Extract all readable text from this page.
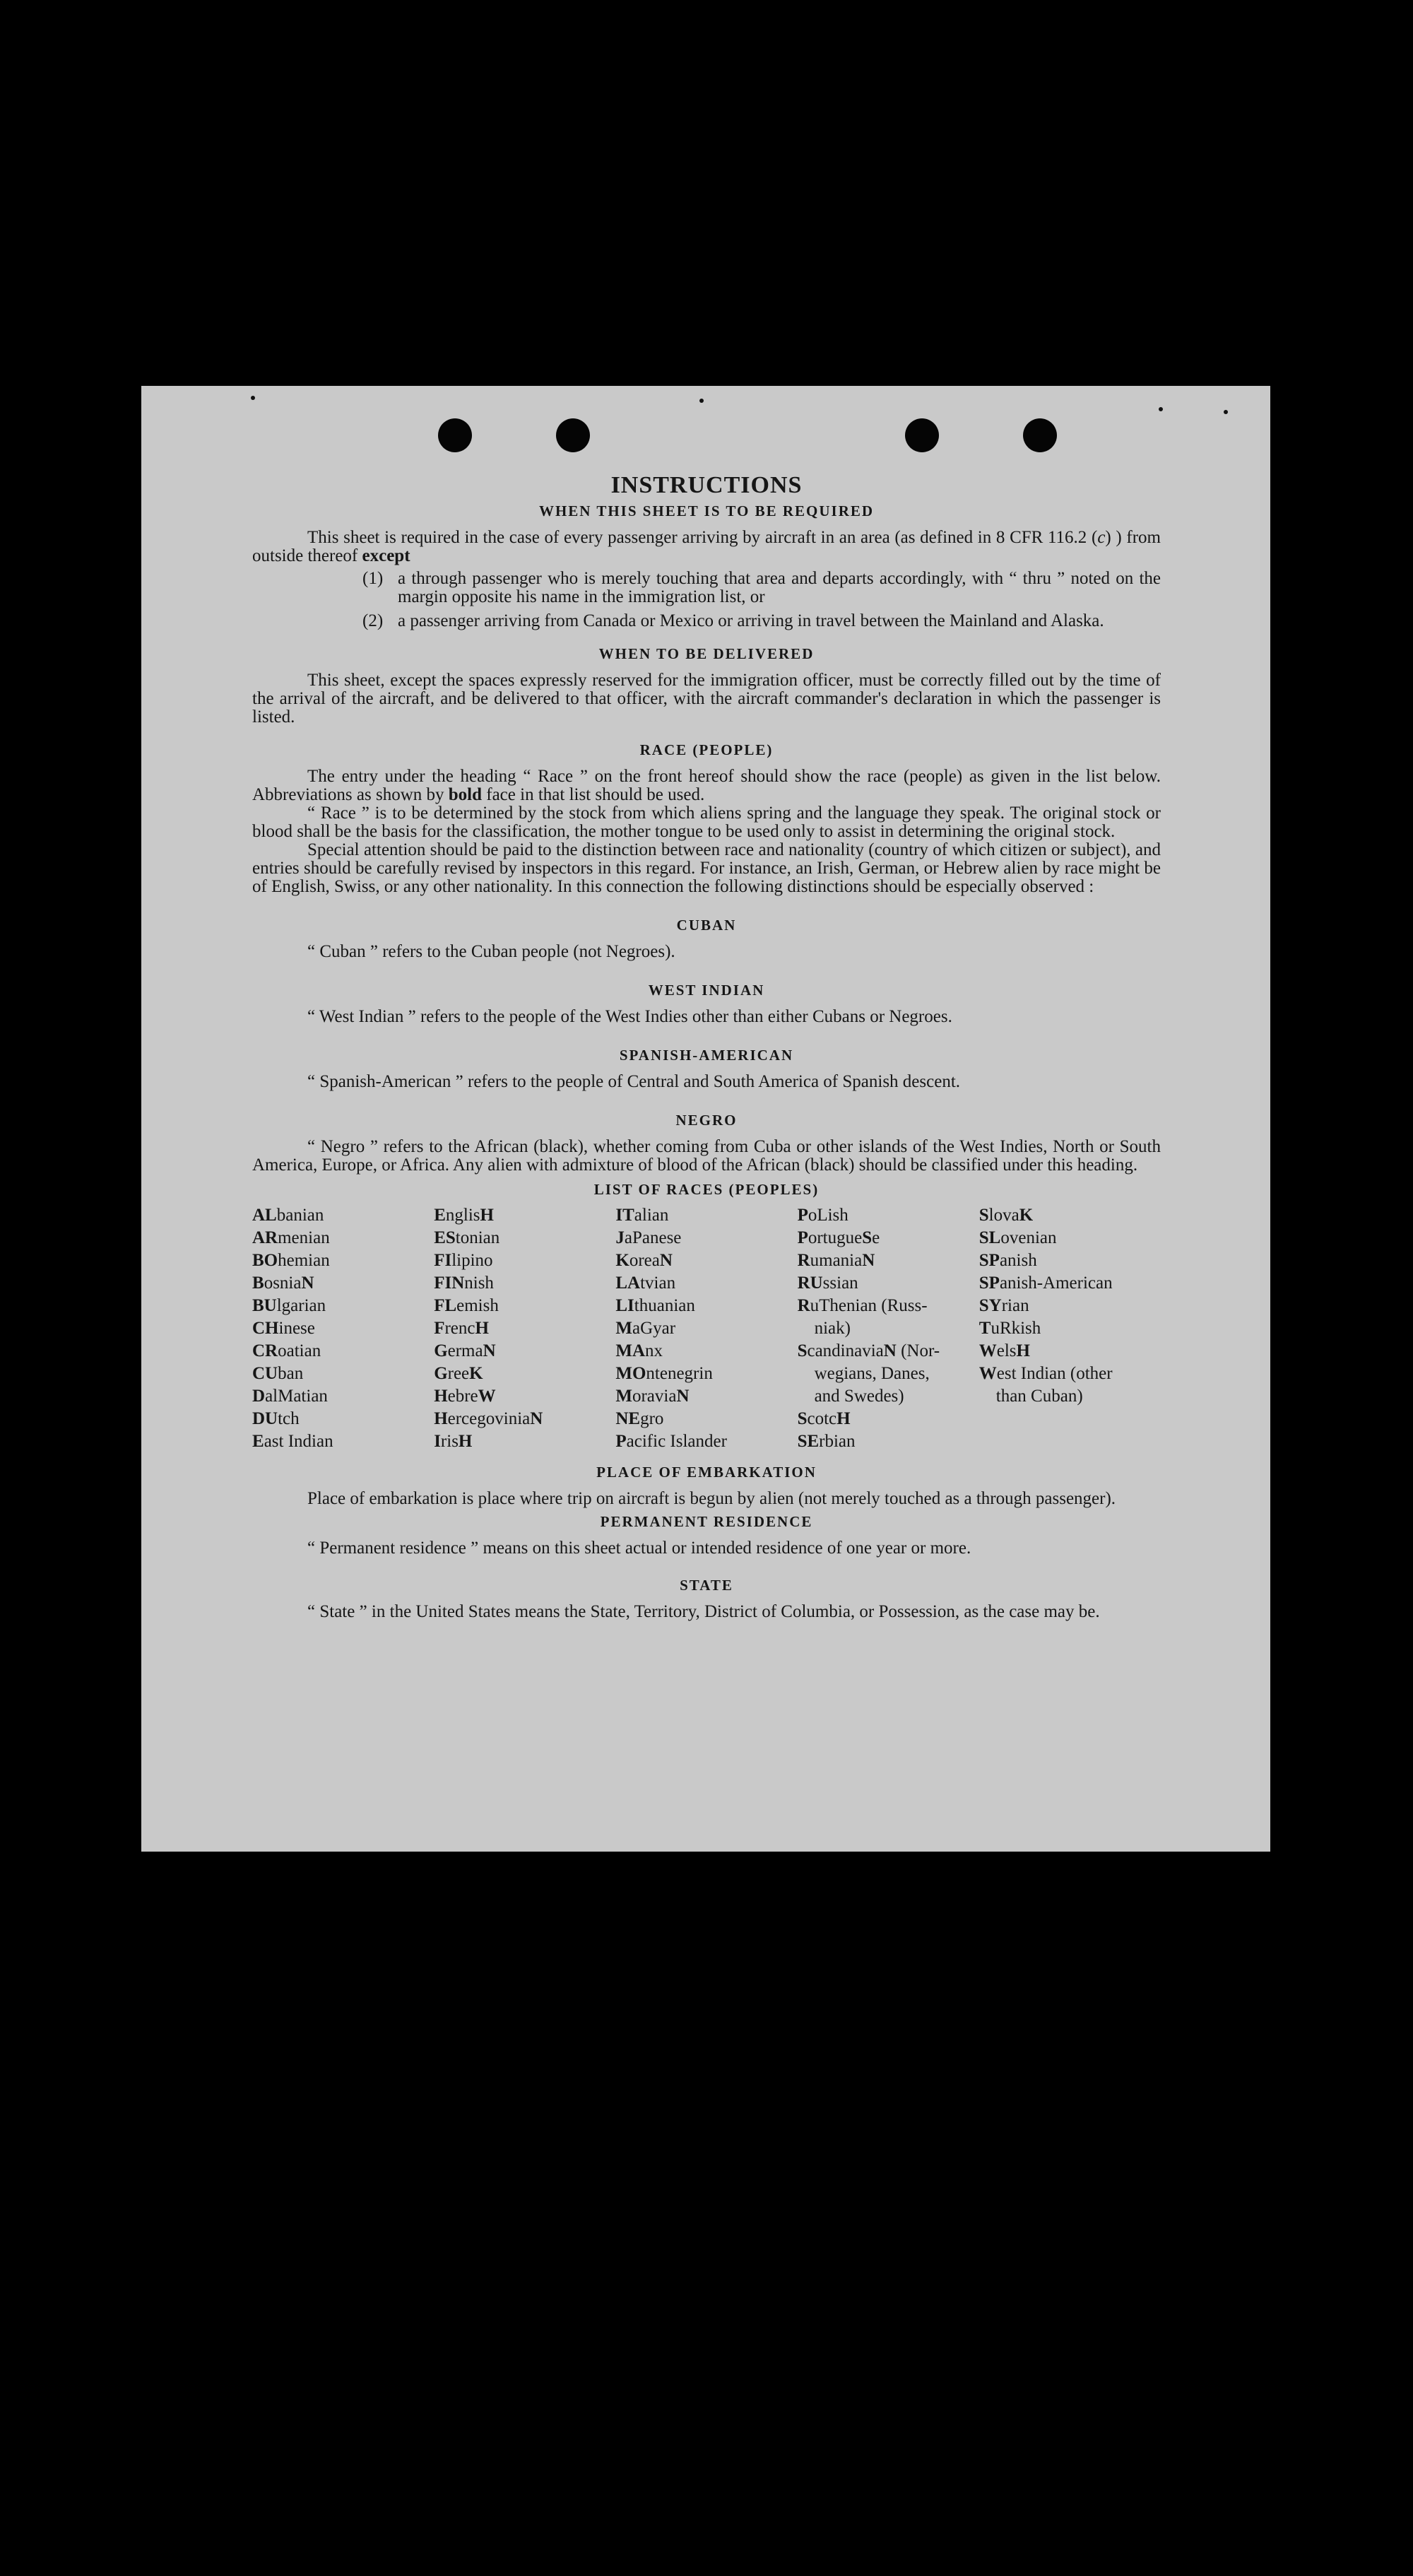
INSTRUCTIONS
WHEN THIS SHEET IS TO BE REQUIRED

This sheet is required in the case of every passenger arriving by aircraft in an area (as defined in 8 CFR 116.2 (c) ) from outside thereof except

(1) a through passenger who is merely touching that area and departs accordingly, with “ thru ” noted on the margin opposite his name in the immigration list, or
(2) a passenger arriving from Canada or Mexico or arriving in travel between the Mainland and Alaska.
WHEN TO BE DELIVERED

This sheet, except the spaces expressly reserved for the immigration officer, must be correctly filled out by the time of the arrival of the aircraft, and be delivered to that officer, with the aircraft commander's declaration in which the passenger is listed.

RACE (PEOPLE)

The entry under the heading “ Race ” on the front hereof should show the race (people) as given in the list below. Abbreviations as shown by bold face in that list should be used.

“ Race ” is to be determined by the stock from which aliens spring and the language they speak. The original stock or blood shall be the basis for the classification, the mother tongue to be used only to assist in determining the original stock.

Special attention should be paid to the distinction between race and nationality (country of which citizen or subject), and entries should be carefully revised by inspectors in this regard. For instance, an Irish, German, or Hebrew alien by race might be of English, Swiss, or any other nationality. In this connection the following distinctions should be especially observed :

CUBAN

“ Cuban ” refers to the Cuban people (not Negroes).

WEST INDIAN

“ West Indian ” refers to the people of the West Indies other than either Cubans or Negroes.

SPANISH-AMERICAN

“ Spanish-American ” refers to the people of Central and South America of Spanish descent.

NEGRO

“ Negro ” refers to the African (black), whether coming from Cuba or other islands of the West Indies, North or South America, Europe, or Africa. Any alien with admixture of blood of the African (black) should be classified under this heading.

LIST OF RACES (PEOPLES)
ALbanian
ARmenian
BOhemian
BosniaN
BUlgarian
CHinese
CRoatian
CUban
DalMatian
DUtch
East Indian
EnglisH
EStonian
FIlipino
FINnish
FLemish
FrencH
GermaN
GreeK
HebreW
HercegoviniaN
IrisH
ITalian
JaPanese
KoreaN
LAtvian
LIthuanian
MaGyar
MAnx
MOntenegrin
MoraviaN
NEgro
Pacific Islander
PoLish
PortugueSe
RumaniaN
RUssian
RuThenian (Russ-
niak)
ScandinaviaN (Nor-
wegians, Danes,
and Swedes)
ScotcH
SErbian
SlovaK
SLovenian
SPanish
SPanish-American
SYrian
TuRkish
WelsH
West Indian (other
than Cuban)
PLACE OF EMBARKATION

Place of embarkation is place where trip on aircraft is begun by alien (not merely touched as a through passenger).

PERMANENT RESIDENCE

“ Permanent residence ” means on this sheet actual or intended residence of one year or more.

STATE

“ State ” in the United States means the State, Territory, District of Columbia, or Possession, as the case may be.
